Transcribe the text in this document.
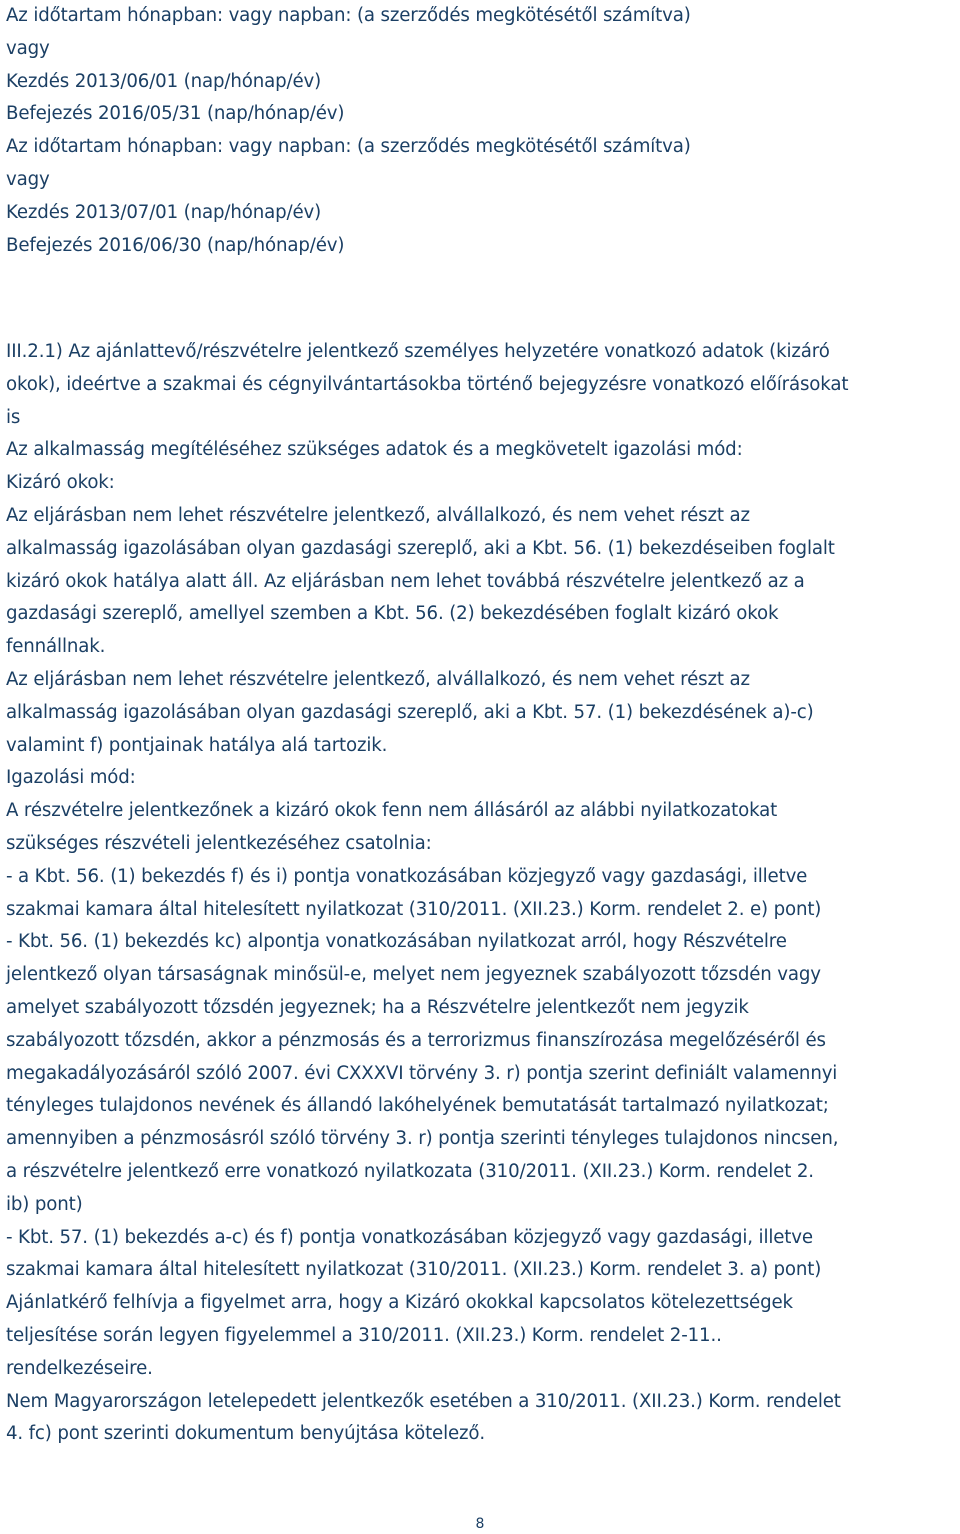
Az időtartam hónapban: vagy napban: (a szerződés megkötésétől számítva)
vagy
Kezdés 2013/06/01 (nap/hónap/év)
Befejezés 2016/05/31 (nap/hónap/év)
Az időtartam hónapban: vagy napban: (a szerződés megkötésétől számítva)
vagy
Kezdés 2013/07/01 (nap/hónap/év)
Befejezés 2016/06/30 (nap/hónap/év)
III.2.1) Az ajánlattevő/részvételre jelentkező személyes helyzetére vonatkozó adatok (kizáró
okok), ideértve a szakmai és cégnyilvántartásokba történő bejegyzésre vonatkozó előírásokat
is
Az alkalmasság megítéléséhez szükséges adatok és a megkövetelt igazolási mód:
Kizáró okok:
Az eljárásban nem lehet részvételre jelentkező, alvállalkozó, és nem vehet részt az
alkalmasság igazolásában olyan gazdasági szereplő, aki a Kbt. 56. (1) bekezdéseiben foglalt
kizáró okok hatálya alatt áll. Az eljárásban nem lehet továbbá részvételre jelentkező az a
gazdasági szereplő, amellyel szemben a Kbt. 56. (2) bekezdésében foglalt kizáró okok
fennállnak.
Az eljárásban nem lehet részvételre jelentkező, alvállalkozó, és nem vehet részt az
alkalmasság igazolásában olyan gazdasági szereplő, aki a Kbt. 57. (1) bekezdésének a)-c)
valamint f) pontjainak hatálya alá tartozik.
Igazolási mód:
A részvételre jelentkezőnek a kizáró okok fenn nem állásáról az alábbi nyilatkozatokat
szükséges részvételi jelentkezéséhez csatolnia:
- a Kbt. 56. (1) bekezdés f) és i) pontja vonatkozásában közjegyző vagy gazdasági, illetve
szakmai kamara által hitelesített nyilatkozat (310/2011. (XII.23.) Korm. rendelet 2. e) pont)
- Kbt. 56. (1) bekezdés kc) alpontja vonatkozásában nyilatkozat arról, hogy Részvételre
jelentkező olyan társaságnak minősül-e, melyet nem jegyeznek szabályozott tőzsdén vagy
amelyet szabályozott tőzsdén jegyeznek; ha a Részvételre jelentkezőt nem jegyzik
szabályozott tőzsdén, akkor a pénzmosás és a terrorizmus finanszírozása megelőzéséről és
megakadályozásáról szóló 2007. évi CXXXVI törvény 3. r) pontja szerint definiált valamennyi
tényleges tulajdonos nevének és állandó lakóhelyének bemutatását tartalmazó nyilatkozat;
amennyiben a pénzmosásról szóló törvény 3. r) pontja szerinti tényleges tulajdonos nincsen,
a részvételre jelentkező erre vonatkozó nyilatkozata (310/2011. (XII.23.) Korm. rendelet 2.
ib) pont)
- Kbt. 57. (1) bekezdés a-c) és f) pontja vonatkozásában közjegyző vagy gazdasági, illetve
szakmai kamara által hitelesített nyilatkozat (310/2011. (XII.23.) Korm. rendelet 3. a) pont)
Ajánlatkérő felhívja a figyelmet arra, hogy a Kizáró okokkal kapcsolatos kötelezettségek
teljesítése során legyen figyelemmel a 310/2011. (XII.23.) Korm. rendelet 2-11..
rendelkezéseire.
Nem Magyarországon letelepedett jelentkezők esetében a 310/2011. (XII.23.) Korm. rendelet
4. fc) pont szerinti dokumentum benyújtása kötelező.
8
